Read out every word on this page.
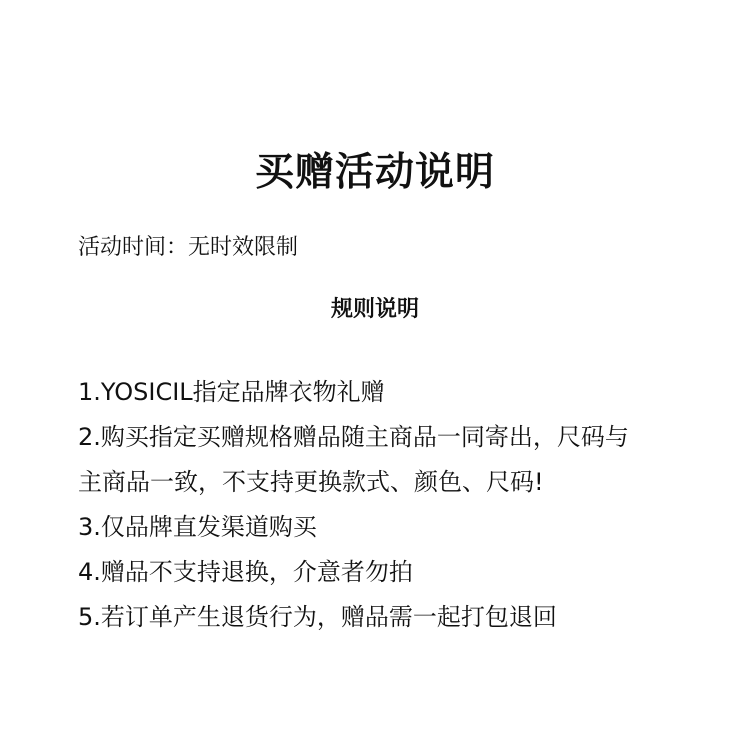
买赠活动说明
活动时间：无时效限制
规则说明
1.YOSICIL指定品牌衣物礼赠
2.购买指定买赠规格赠品随主商品一同寄出，尺码与
主商品一致，不支持更换款式、颜色、尺码!
3.仅品牌直发渠道购买
4.赠品不支持退换，介意者勿拍
5.若订单产生退货行为，赠品需一起打包退回
